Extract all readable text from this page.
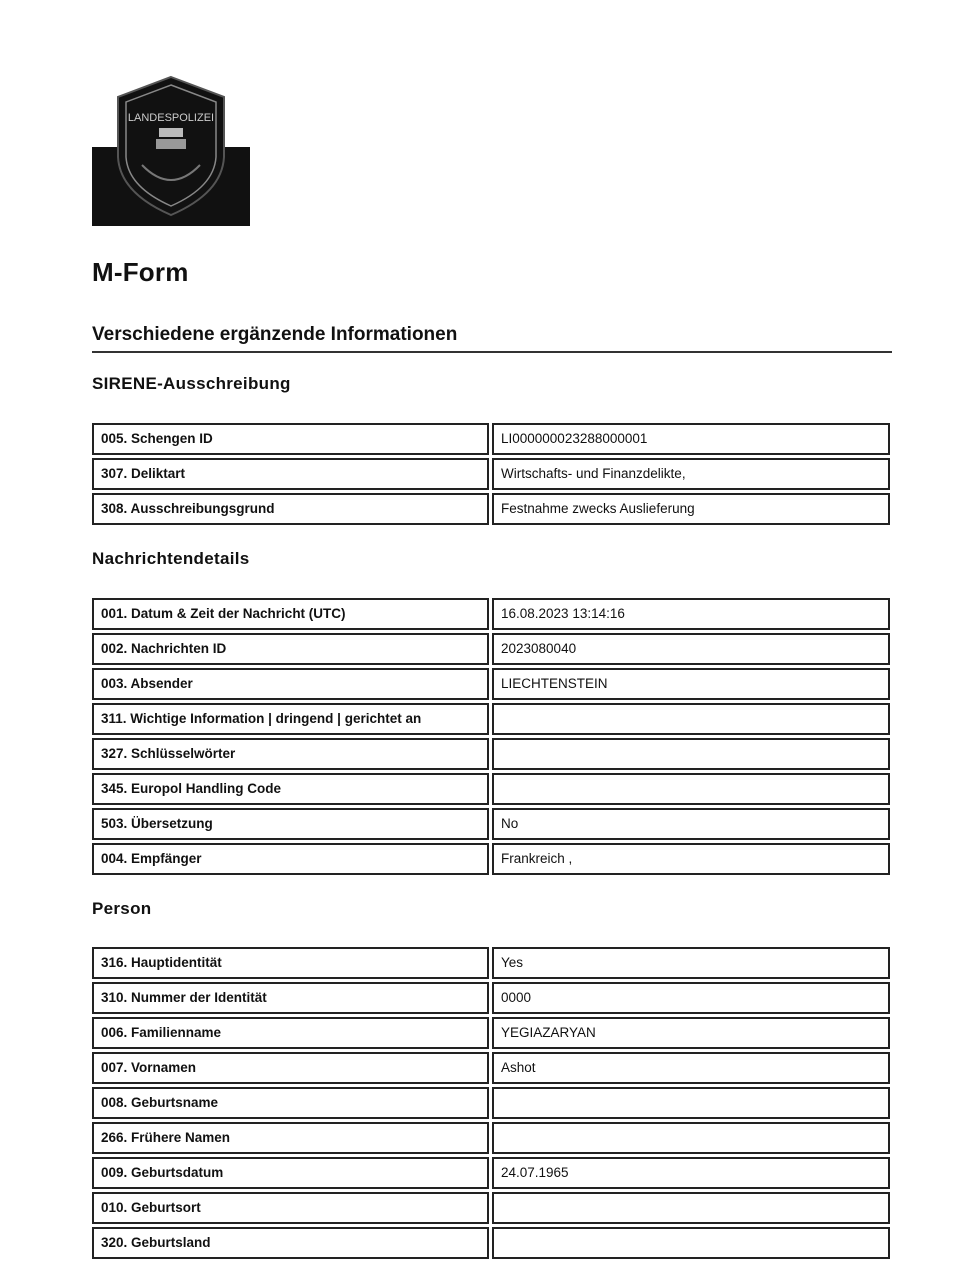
LANDESPOLIZEI
M-Form
Verschiedene ergänzende Informationen
SIRENE-Ausschreibung
005. Schengen ID	LI000000023288000001
307. Deliktart	Wirtschafts- und Finanzdelikte,
308. Ausschreibungsgrund	Festnahme zwecks Auslieferung
Nachrichtendetails
001. Datum & Zeit der Nachricht (UTC)	16.08.2023 13:14:16
002. Nachrichten ID	2023080040
003. Absender	LIECHTENSTEIN
311. Wichtige Information | dringend | gerichtet an
327. Schlüsselwörter
345. Europol Handling Code
503. Übersetzung	No
004. Empfänger	Frankreich ,
Person
316. Hauptidentität	Yes
310. Nummer der Identität	0000
006. Familienname	YEGIAZARYAN
007. Vornamen	Ashot
008. Geburtsname
266. Frühere Namen
009. Geburtsdatum	24.07.1965
010. Geburtsort
320. Geburtsland
